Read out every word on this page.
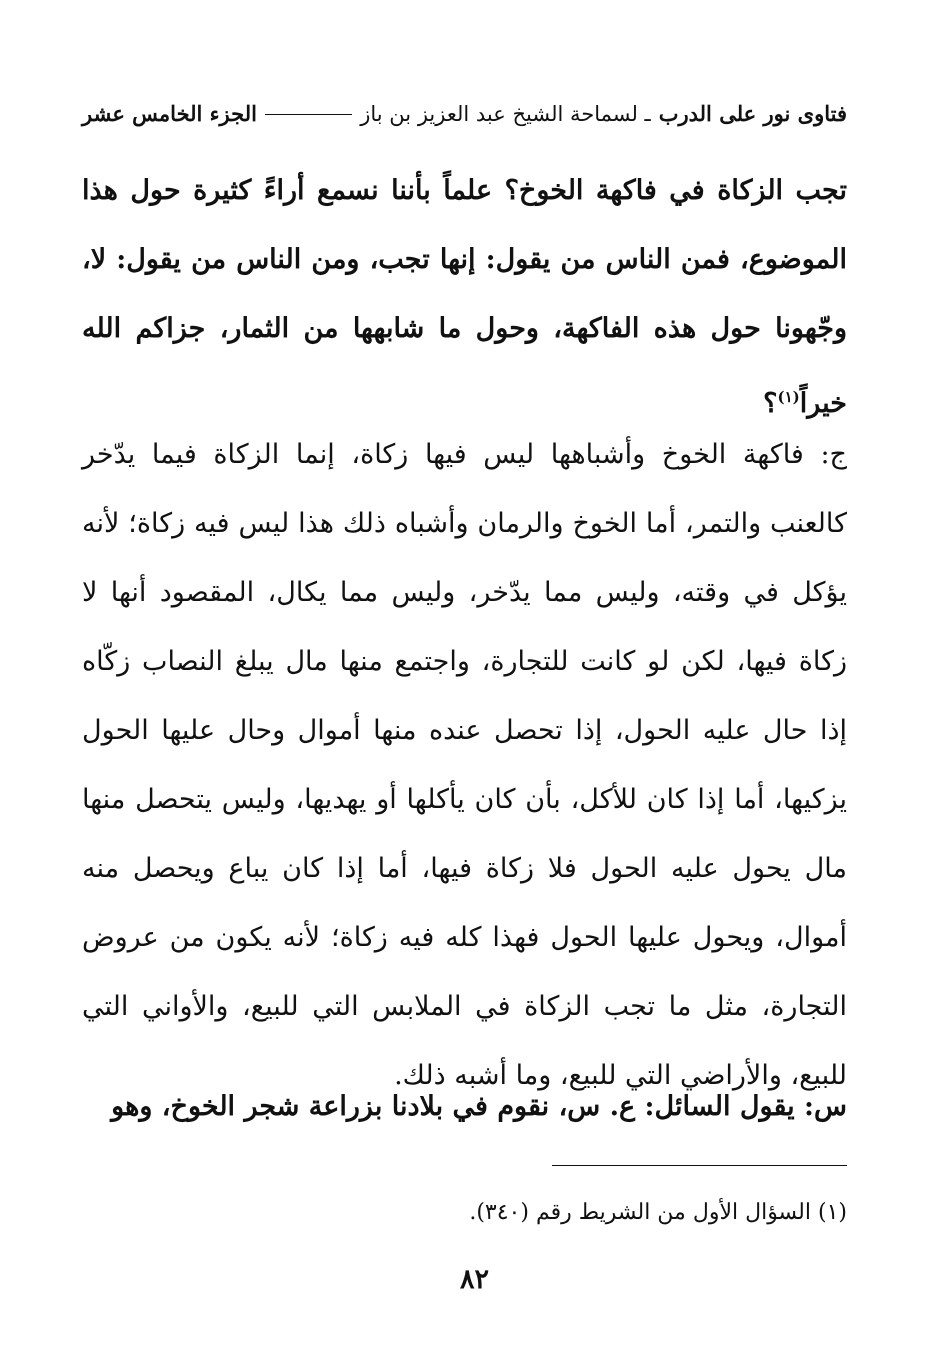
فتاوى نور على الدرب
ـ لسماحة الشيخ عبد العزيز بن باز
الجزء الخامس عشر
تجب الزكاة في فاكهة الخوخ؟ علماً بأننا نسمع أراءً كثيرة حول هذا الموضوع، فمن الناس من يقول: إنها تجب، ومن الناس من يقول: لا، وجّهونا حول هذه الفاكهة، وحول ما شابهها من الثمار، جزاكم الله خيراً$^{(١)}$؟
ج: فاكهة الخوخ وأشباهها ليس فيها زكاة، إنما الزكاة فيما يدّخر كالعنب والتمر، أما الخوخ والرمان وأشباه ذلك هذا ليس فيه زكاة؛ لأنه يؤكل في وقته، وليس مما يدّخر، وليس مما يكال، المقصود أنها لا زكاة فيها، لكن لو كانت للتجارة، واجتمع منها مال يبلغ النصاب زكّاه إذا حال عليه الحول، إذا تحصل عنده منها أموال وحال عليها الحول يزكيها، أما إذا كان للأكل، بأن كان يأكلها أو يهديها، وليس يتحصل منها مال يحول عليه الحول فلا زكاة فيها، أما إذا كان يباع ويحصل منه أموال، ويحول عليها الحول فهذا كله فيه زكاة؛ لأنه يكون من عروض التجارة، مثل ما تجب الزكاة في الملابس التي للبيع، والأواني التي للبيع، والأراضي التي للبيع، وما أشبه ذلك.
س: يقول السائل: ع. س، نقوم في بلادنا بزراعة شجر الخوخ، وهو
(١) السؤال الأول من الشريط رقم (٣٤٠).
٨٢
